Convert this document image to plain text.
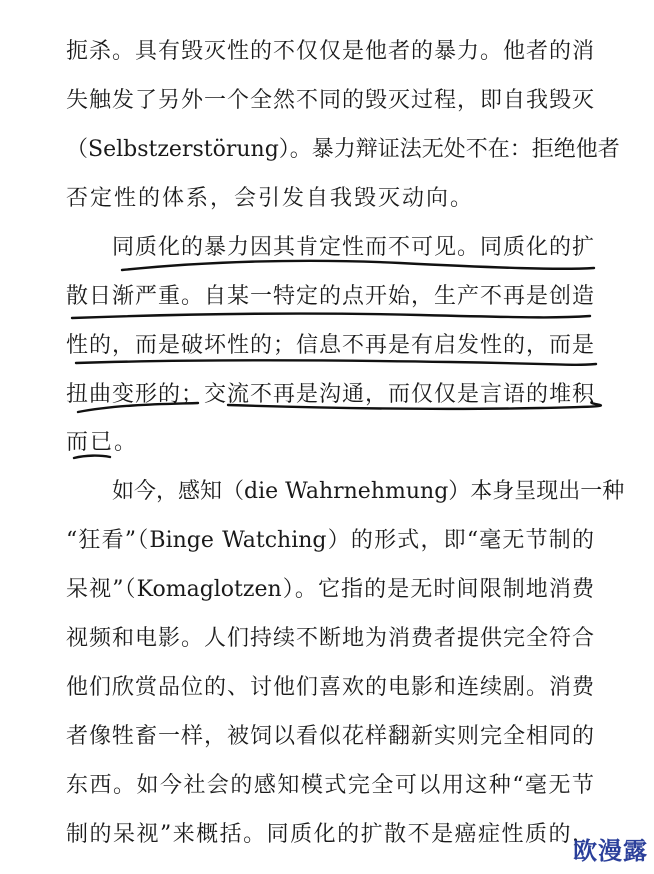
扼杀。具有毁灭性的不仅仅是他者的暴力。他者的消
失触发了另外一个全然不同的毁灭过程，即自我毁灭
（Selbstzerstörung）。暴力辩证法无处不在：拒绝他者
否定性的体系，会引发自我毁灭动向。
同质化的暴力因其肯定性而不可见。同质化的扩
散日渐严重。自某一特定的点开始，生产不再是创造
性的，而是破坏性的；信息不再是有启发性的，而是
扭曲变形的；交流不再是沟通，而仅仅是言语的堆积
而已。
如今，感知（die Wahrnehmung）本身呈现出一种
“狂看”（Binge Watching）的形式，即“毫无节制的
呆视”（Komaglotzen）。它指的是无时间限制地消费
视频和电影。人们持续不断地为消费者提供完全符合
他们欣赏品位的、讨他们喜欢的电影和连续剧。消费
者像牲畜一样，被饲以看似花样翻新实则完全相同的
东西。如今社会的感知模式完全可以用这种“毫无节
制的呆视”来概括。同质化的扩散不是癌症性质的，
欧漫露
